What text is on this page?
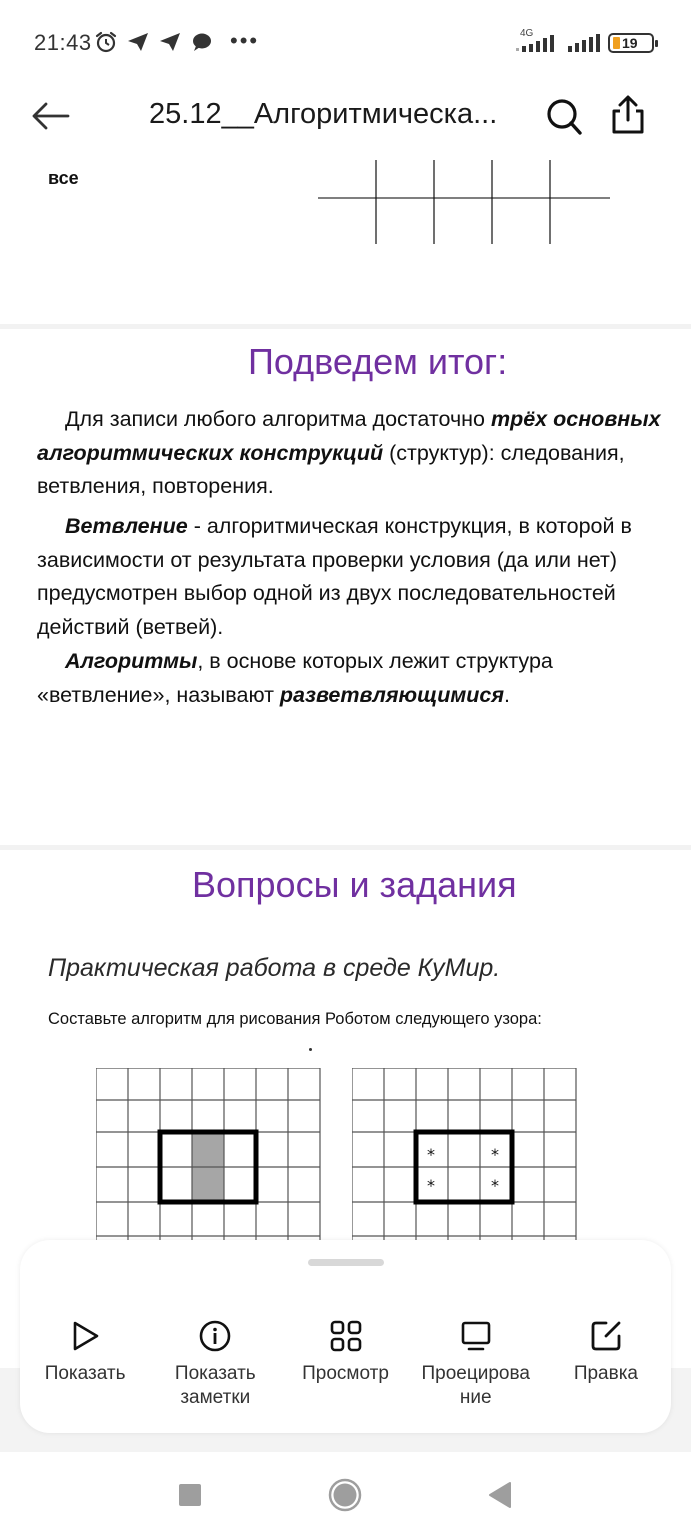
21:43	•••	4G
19
25.12__Алгоритмическа...
все
Подведем итог:

Для записи любого алгоритма достаточно трёх основных алгоритмических конструкций (структур): следования, ветвления, повторения.

Ветвление - алгоритмическая конструкция, в которой в зависимости от результата проверки условия (да или нет) предусмотрен выбор одной из двух последовательностей действий (ветвей).

Алгоритмы, в основе которых лежит структура «ветвление», называют разветвляющимися.

Вопросы и задания
Практическая работа в среде КуМир.
Составьте алгоритм для рисования Роботом следующего узора:
*	*
*	*
Показать	Показать заметки
Просмотр	Проецирова ние
Правка
